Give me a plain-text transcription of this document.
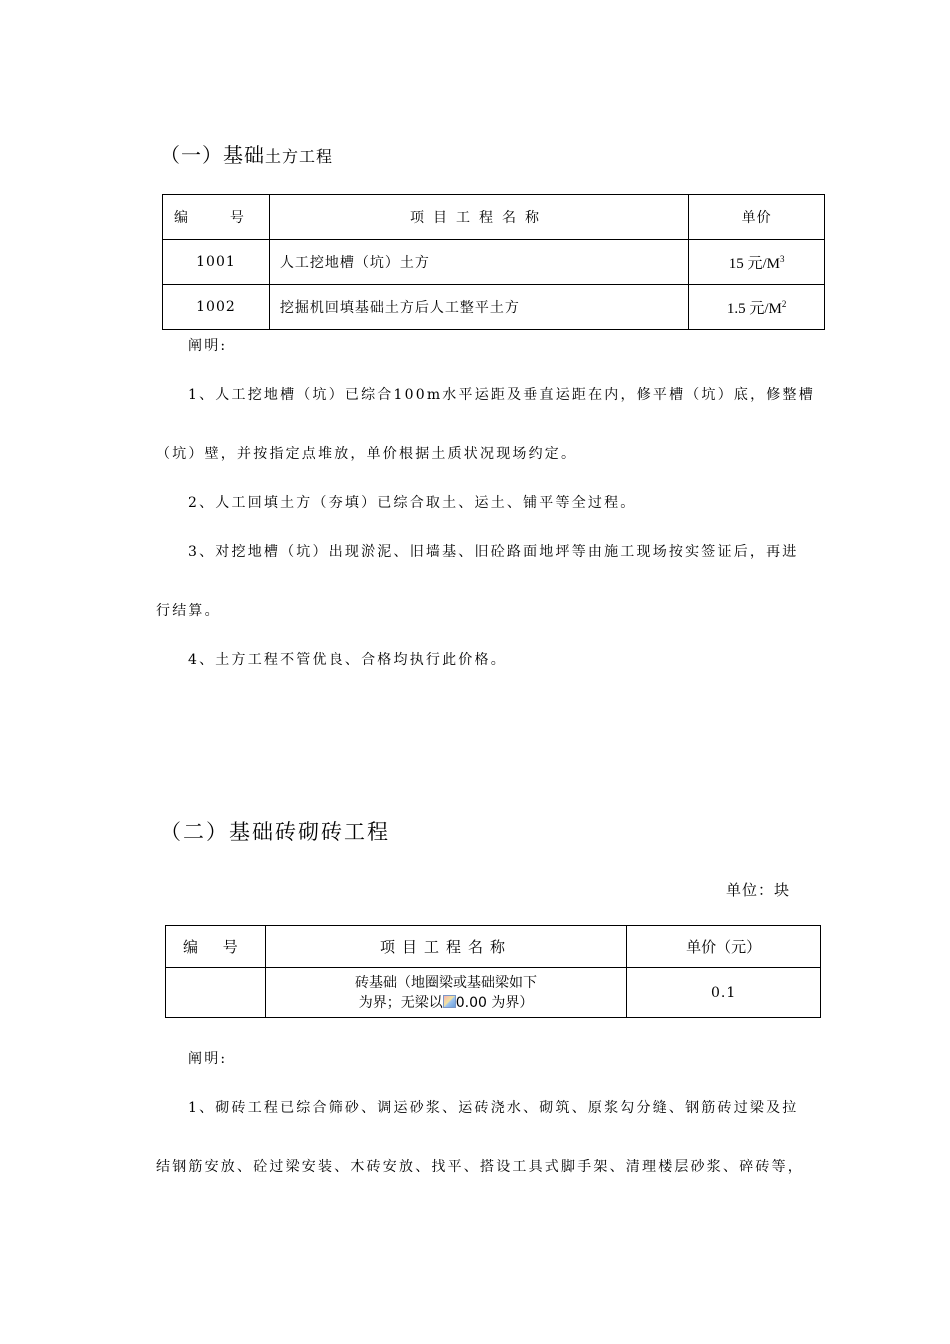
（一）基础土方工程
编　号	项目工程名称	单价
1001	人工挖地槽（坑）土方	15 元$/M^3$
1002	挖掘机回填基础土方后人工整平土方	1.5 元$/M^2$
阐明:
1、人工挖地槽（坑）已综合100m水平运距及垂直运距在内，修平槽（坑）底，修整槽
（坑）壁，并按指定点堆放，单价根据土质状况现场约定。
2、人工回填土方（夯填）已综合取土、运土、铺平等全过程。
3、对挖地槽（坑）出现淤泥、旧墙基、旧砼路面地坪等由施工现场按实签证后，再进
行结算。
4、土方工程不管优良、合格均执行此价格。
（二）基础砖砌砖工程
单位：块
编 号	项目工程名称	单价（元）

	砖基础（地圈梁或基础梁如下
为界；无梁以 0.00 为界）	0.1
阐明:
1、砌砖工程已综合筛砂、调运砂浆、运砖浇水、砌筑、原浆勾分缝、钢筋砖过梁及拉
结钢筋安放、砼过梁安装、木砖安放、找平、搭设工具式脚手架、清理楼层砂浆、碎砖等，
